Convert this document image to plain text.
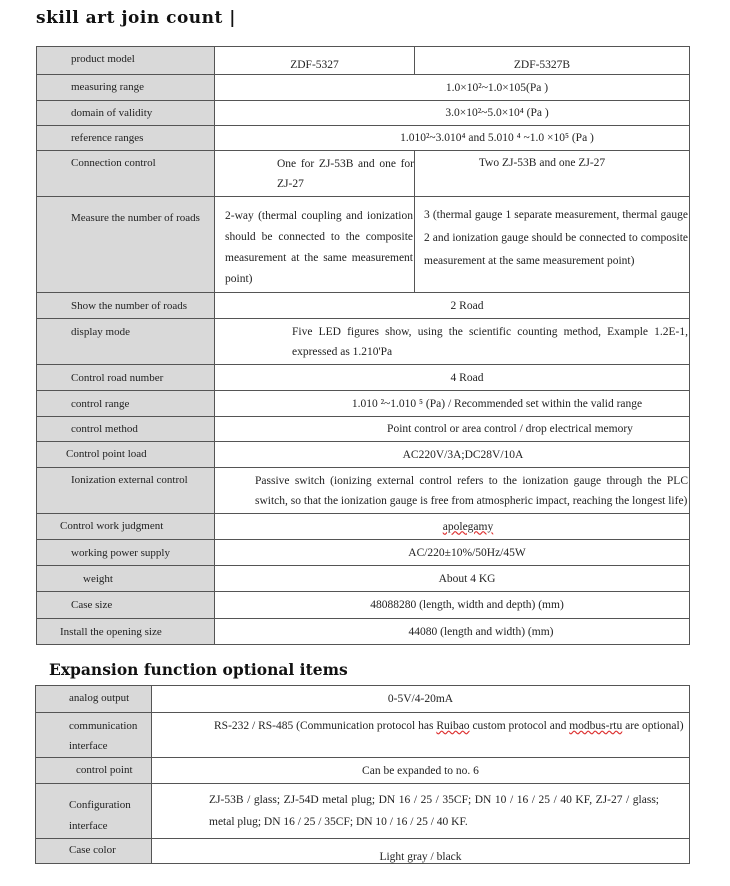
skill art join count |
product model	ZDF-5327	ZDF-5327B
measuring range	1.0×10²~1.0×105(Pa )	
domain of validity	3.0×10²~5.0×10⁴ (Pa )	
reference ranges	1.010²~3.010⁴ and 5.010 ⁴ ~1.0 ×10⁵ (Pa )	
Connection control	One for ZJ-53B and one for ZJ-27	Two ZJ-53B and one ZJ-27
Measure the number of roads	2-way (thermal coupling and ionization should be connected to the composite measurement at the same measurement point)	3 (thermal gauge 1 separate measurement, thermal gauge 2 and ionization gauge should be connected to composite measurement at the same measurement point)
Show the number of roads	2 Road	
display mode	Five LED figures show, using the scientific counting method, Example 1.2E-1, expressed as 1.210'Pa	
Control road number	4 Road	
control range	1.010 ²~1.010 ⁵ (Pa) / Recommended set within the valid range	
control method	Point control or area control / drop electrical memory	
Control point load	AC220V/3A;DC28V/10A	
Ionization external control	Passive switch (ionizing external control refers to the ionization gauge through the PLC switch, so that the ionization gauge is free from atmospheric impact, reaching the longest life)	
Control work judgment	apolegamy	
working power supply	AC/220±10%/50Hz/45W	
weight	About 4 KG	
Case size	48088280 (length, width and depth) (mm)	
Install the opening size	44080 (length and width) (mm)	
Expansion function optional items
analog output	0-5V/4-20mA
communication
interface	RS-232 / RS-485 (Communication protocol has Ruibao custom protocol and modbus-rtu are optional)
control point	Can be expanded to no. 6
Configuration
interface	ZJ-53B / glass; ZJ-54D metal plug; DN 16 / 25 / 35CF; DN 10 / 16 / 25 / 40 KF, ZJ-27 / glass; metal plug; DN 16 / 25 / 35CF; DN 10 / 16 / 25 / 40 KF.
Case color	Light gray / black
